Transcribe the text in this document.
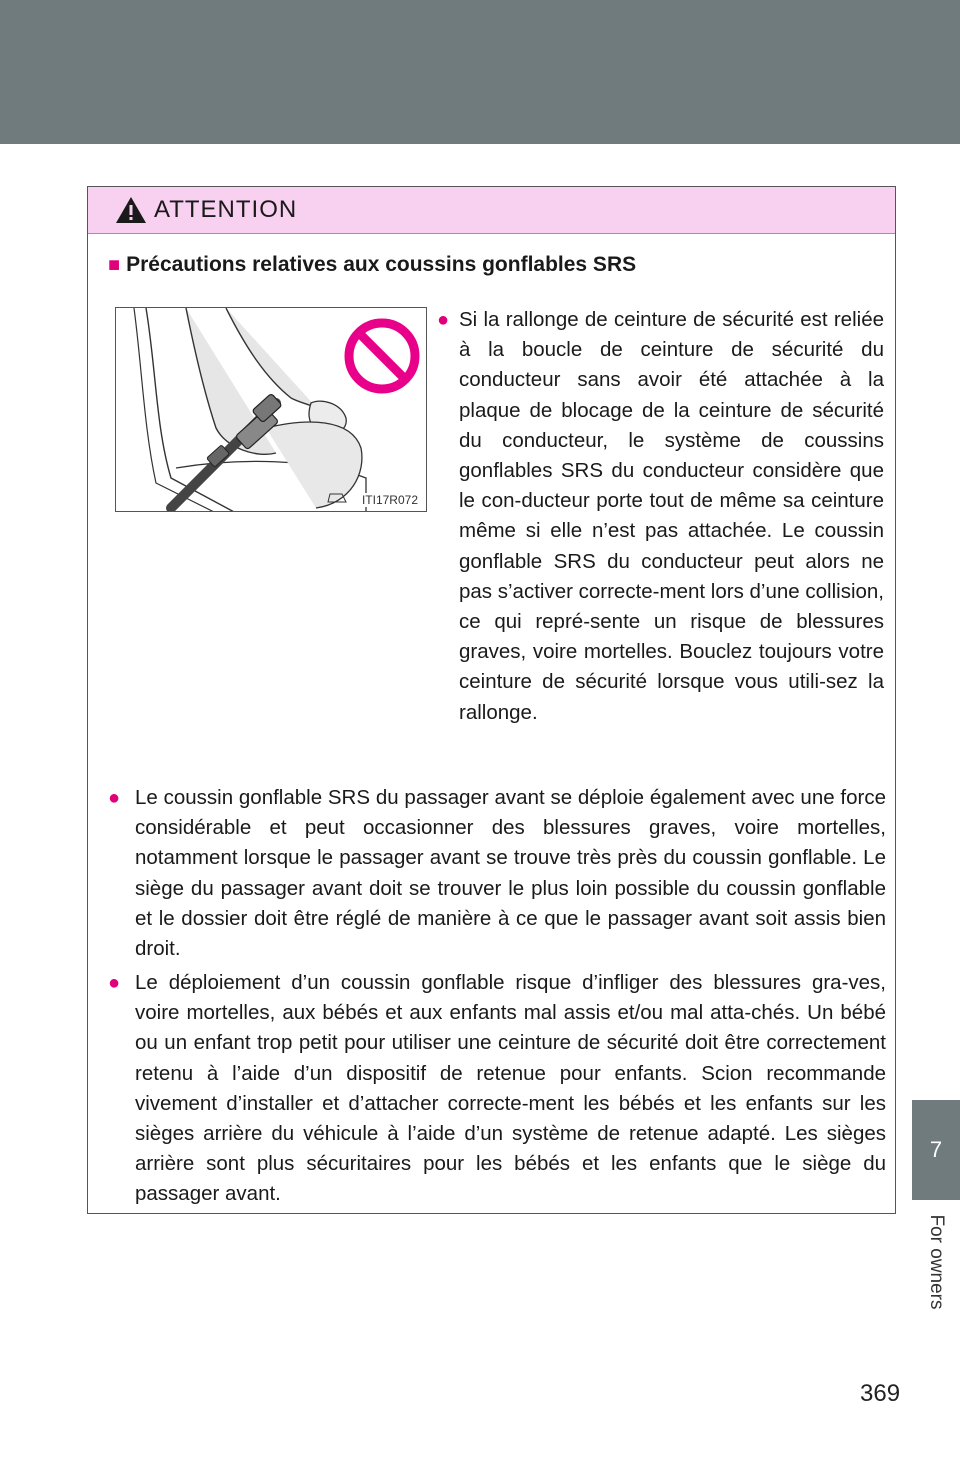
7
For owners
369
ATTENTION
■ Précautions relatives aux coussins gonflables SRS
ITI17R072
● Si la rallonge de ceinture de sécurité est reliée à la boucle de ceinture de sécurité du conducteur sans avoir été attachée à la plaque de blocage de la ceinture de sécurité du conducteur, le système de coussins gonflables SRS du conducteur considère que le con-ducteur porte tout de même sa ceinture même si elle n’est pas attachée. Le coussin gonflable SRS du conducteur peut alors ne pas s’activer correcte-ment lors d’une collision, ce qui repré-sente un risque de blessures graves, voire mortelles. Bouclez toujours votre ceinture de sécurité lorsque vous utili-sez la rallonge.
● Le coussin gonflable SRS du passager avant se déploie également avec une force considérable et peut occasionner des blessures graves, voire mortelles, notamment lorsque le passager avant se trouve très près du coussin gonflable. Le siège du passager avant doit se trouver le plus loin possible du coussin gonflable et le dossier doit être réglé de manière à ce que le passager avant soit assis bien droit.
● Le déploiement d’un coussin gonflable risque d’infliger des blessures gra-ves, voire mortelles, aux bébés et aux enfants mal assis et/ou mal atta-chés. Un bébé ou un enfant trop petit pour utiliser une ceinture de sécurité doit être correctement retenu à l’aide d’un dispositif de retenue pour enfants. Scion recommande vivement d’installer et d’attacher correcte-ment les bébés et les enfants sur les sièges arrière du véhicule à l’aide d’un système de retenue adapté. Les sièges arrière sont plus sécuritaires pour les bébés et les enfants que le siège du passager avant.
